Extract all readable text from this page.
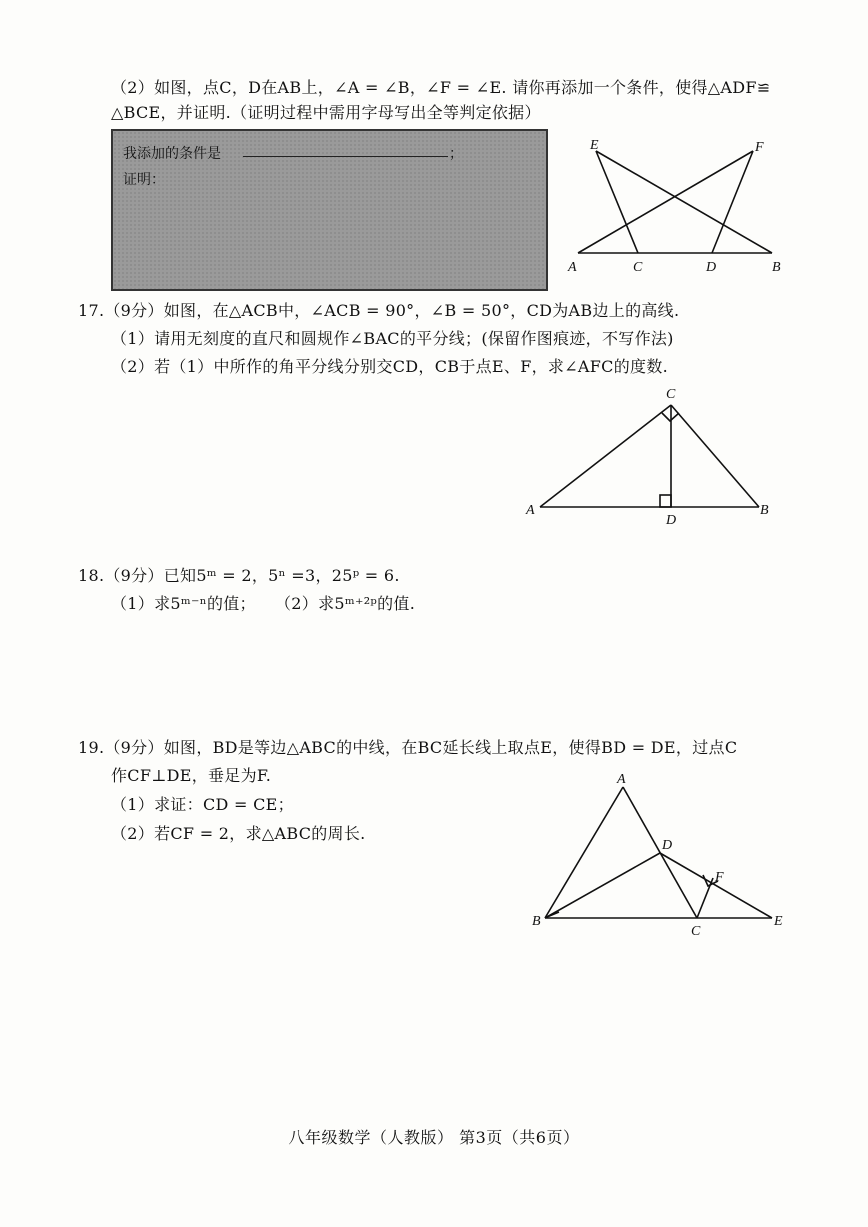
（2）如图，点C，D在AB上，∠A = ∠B，∠F = ∠E. 请你再添加一个条件，使得△ADF≌
△BCE，并证明.（证明过程中需用字母写出全等判定依据）
我添加的条件是	；
证明：
E	F
A	C	D	B
17.（9分）如图，在△ACB中，∠ACB = 90°，∠B = 50°，CD为AB边上的高线.
（1）请用无刻度的直尺和圆规作∠BAC的平分线；(保留作图痕迹，不写作法)
（2）若（1）中所作的角平分线分别交CD，CB于点E、F，求∠AFC的度数.
C
A
D
B
18.（9分）已知5ᵐ = 2，5ⁿ =3，25ᵖ = 6.
（1）求5ᵐ⁻ⁿ的值； （2）求5ᵐ⁺²ᵖ的值.
19.（9分）如图，BD是等边△ABC的中线，在BC延长线上取点E，使得BD = DE，过点C
作CF⊥DE，垂足为F.
（1）求证：CD = CE；
（2）若CF = 2，求△ABC的周长.
A
D
F
B
C
E
八年级数学（人教版） 第3页（共6页）
